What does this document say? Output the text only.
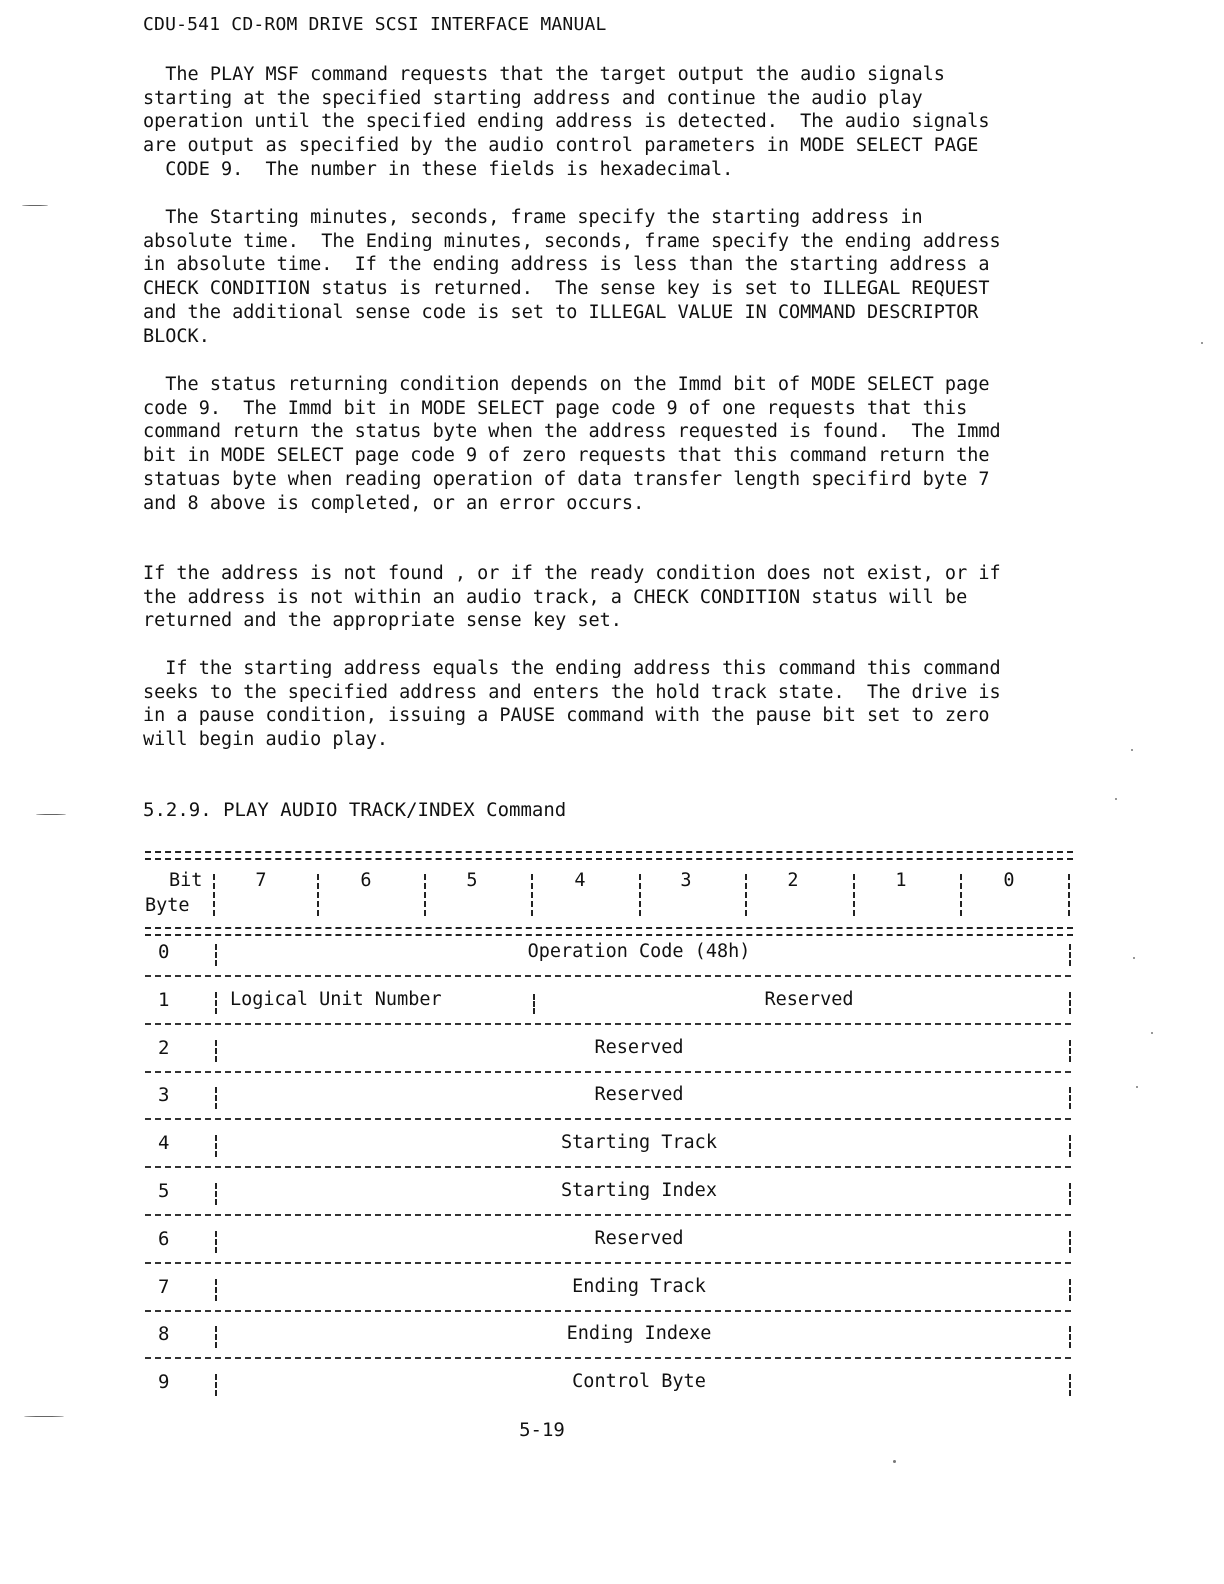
CDU-541 CD-ROM DRIVE SCSI INTERFACE MANUAL
The PLAY MSF command requests that the target output the audio signals
starting at the specified starting address and continue the audio play
operation until the specified ending address is detected.  The audio signals
are output as specified by the audio control parameters in MODE SELECT PAGE
CODE 9.  The number in these fields is hexadecimal.
The Starting minutes, seconds, frame specify the starting address in
absolute time.  The Ending minutes, seconds, frame specify the ending address
in absolute time.  If the ending address is less than the starting address a
CHECK CONDITION status is returned.  The sense key is set to ILLEGAL REQUEST
and the additional sense code is set to ILLEGAL VALUE IN COMMAND DESCRIPTOR
BLOCK.
The status returning condition depends on the Immd bit of MODE SELECT page
code 9.  The Immd bit in MODE SELECT page code 9 of one requests that this
command return the status byte when the address requested is found.  The Immd
bit in MODE SELECT page code 9 of zero requests that this command return the
statuas byte when reading operation of data transfer length specifird byte 7
and 8 above is completed, or an error occurs.
If the address is not found , or if the ready condition does not exist, or if
the address is not within an audio track, a CHECK CONDITION status will be
returned and the appropriate sense key set.
If the starting address equals the ending address this command this command
seeks to the specified address and enters the hold track state.  The drive is
in a pause condition, issuing a PAUSE command with the pause bit set to zero
will begin audio play.
5.2.9. PLAY AUDIO TRACK/INDEX Command
Bit
Byte
7	6	5	4	3	2	1	0
0	Operation Code (48h)
1	Logical Unit Number	Reserved
2	Reserved
3	Reserved
4	Starting Track
5	Starting Index
6	Reserved
7	Ending Track
8	Ending Indexe
9	Control Byte
5-19
